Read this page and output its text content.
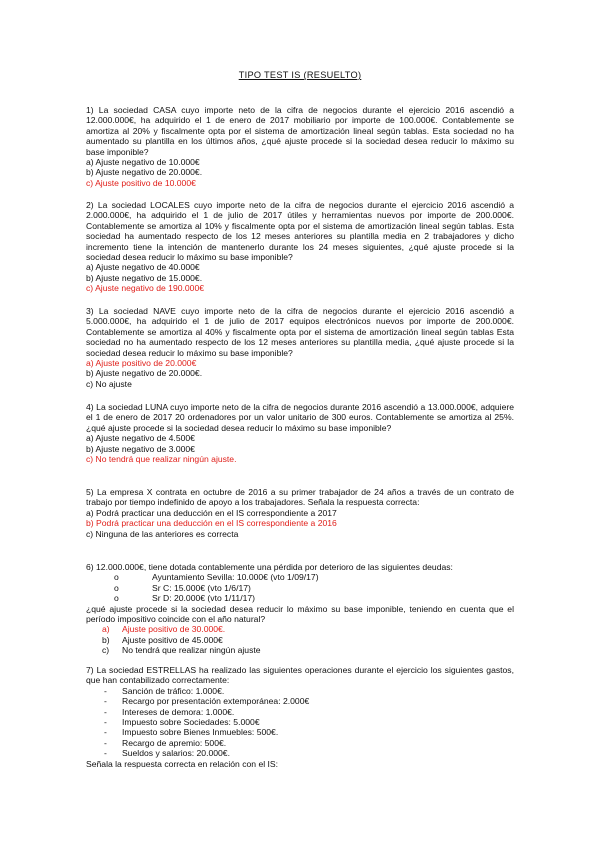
TIPO TEST IS (RESUELTO)

1) La sociedad CASA cuyo importe neto de la cifra de negocios durante el ejercicio 2016 ascendió a 12.000.000€, ha adquirido el 1 de enero de 2017 mobiliario por importe de 100.000€. Contablemente se amortiza al 20% y fiscalmente opta por el sistema de amortización lineal según tablas. Esta sociedad no ha aumentado su plantilla en los últimos años, ¿qué ajuste procede si la sociedad desea reducir lo máximo su base imponible?

a) Ajuste negativo de 10.000€
b) Ajuste negativo de 20.000€.
c) Ajuste positivo de 10.000€

2) La sociedad LOCALES cuyo importe neto de la cifra de negocios durante el ejercicio 2016 ascendió a 2.000.000€, ha adquirido el 1 de julio de 2017 útiles y herramientas nuevos por importe de 200.000€. Contablemente se amortiza al 10% y fiscalmente opta por el sistema de amortización lineal según tablas. Esta sociedad ha aumentado respecto de los 12 meses anteriores su plantilla media en 2 trabajadores y dicho incremento tiene la intención de mantenerlo durante los 24 meses siguientes, ¿qué ajuste procede si la sociedad desea reducir lo máximo su base imponible?

a) Ajuste negativo de 40.000€
b) Ajuste negativo de 15.000€.
c) Ajuste negativo de 190.000€

3) La sociedad NAVE cuyo importe neto de la cifra de negocios durante el ejercicio 2016 ascendió a 5.000.000€, ha adquirido el 1 de julio de 2017 equipos electrónicos nuevos por importe de 200.000€. Contablemente se amortiza al 40% y fiscalmente opta por el sistema de amortización lineal según tablas Esta sociedad no ha aumentado respecto de los 12 meses anteriores su plantilla media, ¿qué ajuste procede si la sociedad desea reducir lo máximo su base imponible?

a) Ajuste positivo de 20.000€
b) Ajuste negativo de 20.000€.
c) No ajuste

4) La sociedad LUNA cuyo importe neto de la cifra de negocios durante 2016 ascendió a 13.000.000€, adquiere el 1 de enero de 2017 20 ordenadores por un valor unitario de 300 euros. Contablemente se amortiza al 25%. ¿qué ajuste procede si la sociedad desea reducir lo máximo su base imponible?

a) Ajuste negativo de 4.500€
b) Ajuste negativo de 3.000€
c) No tendrá que realizar ningún ajuste.

5) La empresa X contrata en octubre de 2016 a su primer trabajador de 24 años a través de un contrato de trabajo por tiempo indefinido de apoyo a los trabajadores. Señala la respuesta correcta:

a) Podrá practicar una deducción en el IS correspondiente a 2017
b) Podrá practicar una deducción en el IS correspondiente a 2016
c) Ninguna de las anteriores es correcta

6) 12.000.000€, tiene dotada contablemente una pérdida por deterioro de las siguientes deudas:

o Ayuntamiento Sevilla: 10.000€ (vto 1/09/17)
o Sr C: 15.000€ (vto 1/6/17)
o Sr D: 20.000€ (vto 1/11/17)

¿qué ajuste procede si la sociedad desea reducir lo máximo su base imponible, teniendo en cuenta que el período impositivo coincide con el año natural?

a) Ajuste positivo de 30.000€.
b) Ajuste positivo de 45.000€
c) No tendrá que realizar ningún ajuste

7) La sociedad ESTRELLAS ha realizado las siguientes operaciones durante el ejercicio los siguientes gastos, que han contabilizado correctamente:

- Sanción de tráfico: 1.000€.
- Recargo por presentación extemporánea: 2.000€
- Intereses de demora: 1.000€.
- Impuesto sobre Sociedades: 5.000€
- Impuesto sobre Bienes Inmuebles: 500€.
- Recargo de apremio: 500€.
- Sueldos y salarios: 20.000€.

Señala la respuesta correcta en relación con el IS:
